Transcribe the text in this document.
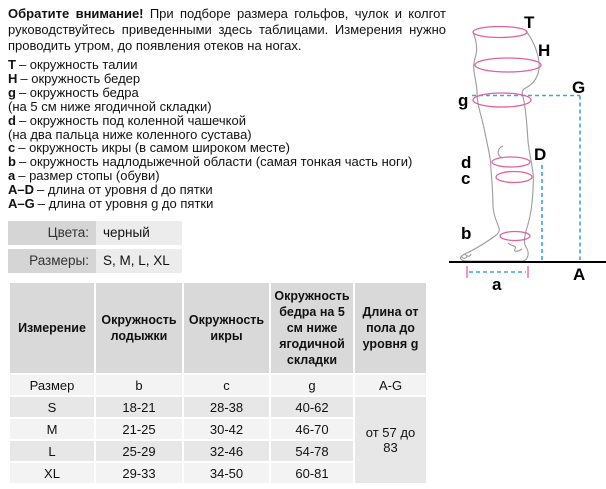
Обратите внимание! При подборе размера гольфов, чулок и колгот
руководствуйтесь приведенными здесь таблицами. Измерения нужно
проводить утром, до появления отеков на ногах.
T – окружность талии
H – окружность бедер
g – окружность бедра
(на 5 см ниже ягодичной складки)
d – окружность под коленной чашечкой
(на два пальца ниже коленного сустава)
c – окружность икры (в самом широком месте)
b – окружность надлодыжечной области (самая тонкая часть ноги)
a – размер стопы (обуви)
A–D – длина от уровня d до пятки
A–G – длина от уровня g до пятки
Цвета:	черный
Размеры:	S, M, L, XL
Измерение	Окружность лодыжки	Окружность икры	Окружность бедра на 5 см ниже ягодичной складки	Длина от пола до уровня g
Размер	b	c	g	A-G
S	18-21	28-38	40-62	от 57 до 83
M	21-25	30-42	46-70	
L	25-29	32-46	54-78	
XL	29-33	34-50	60-81	
T
H
g
G
d	D
c
b
A
a
